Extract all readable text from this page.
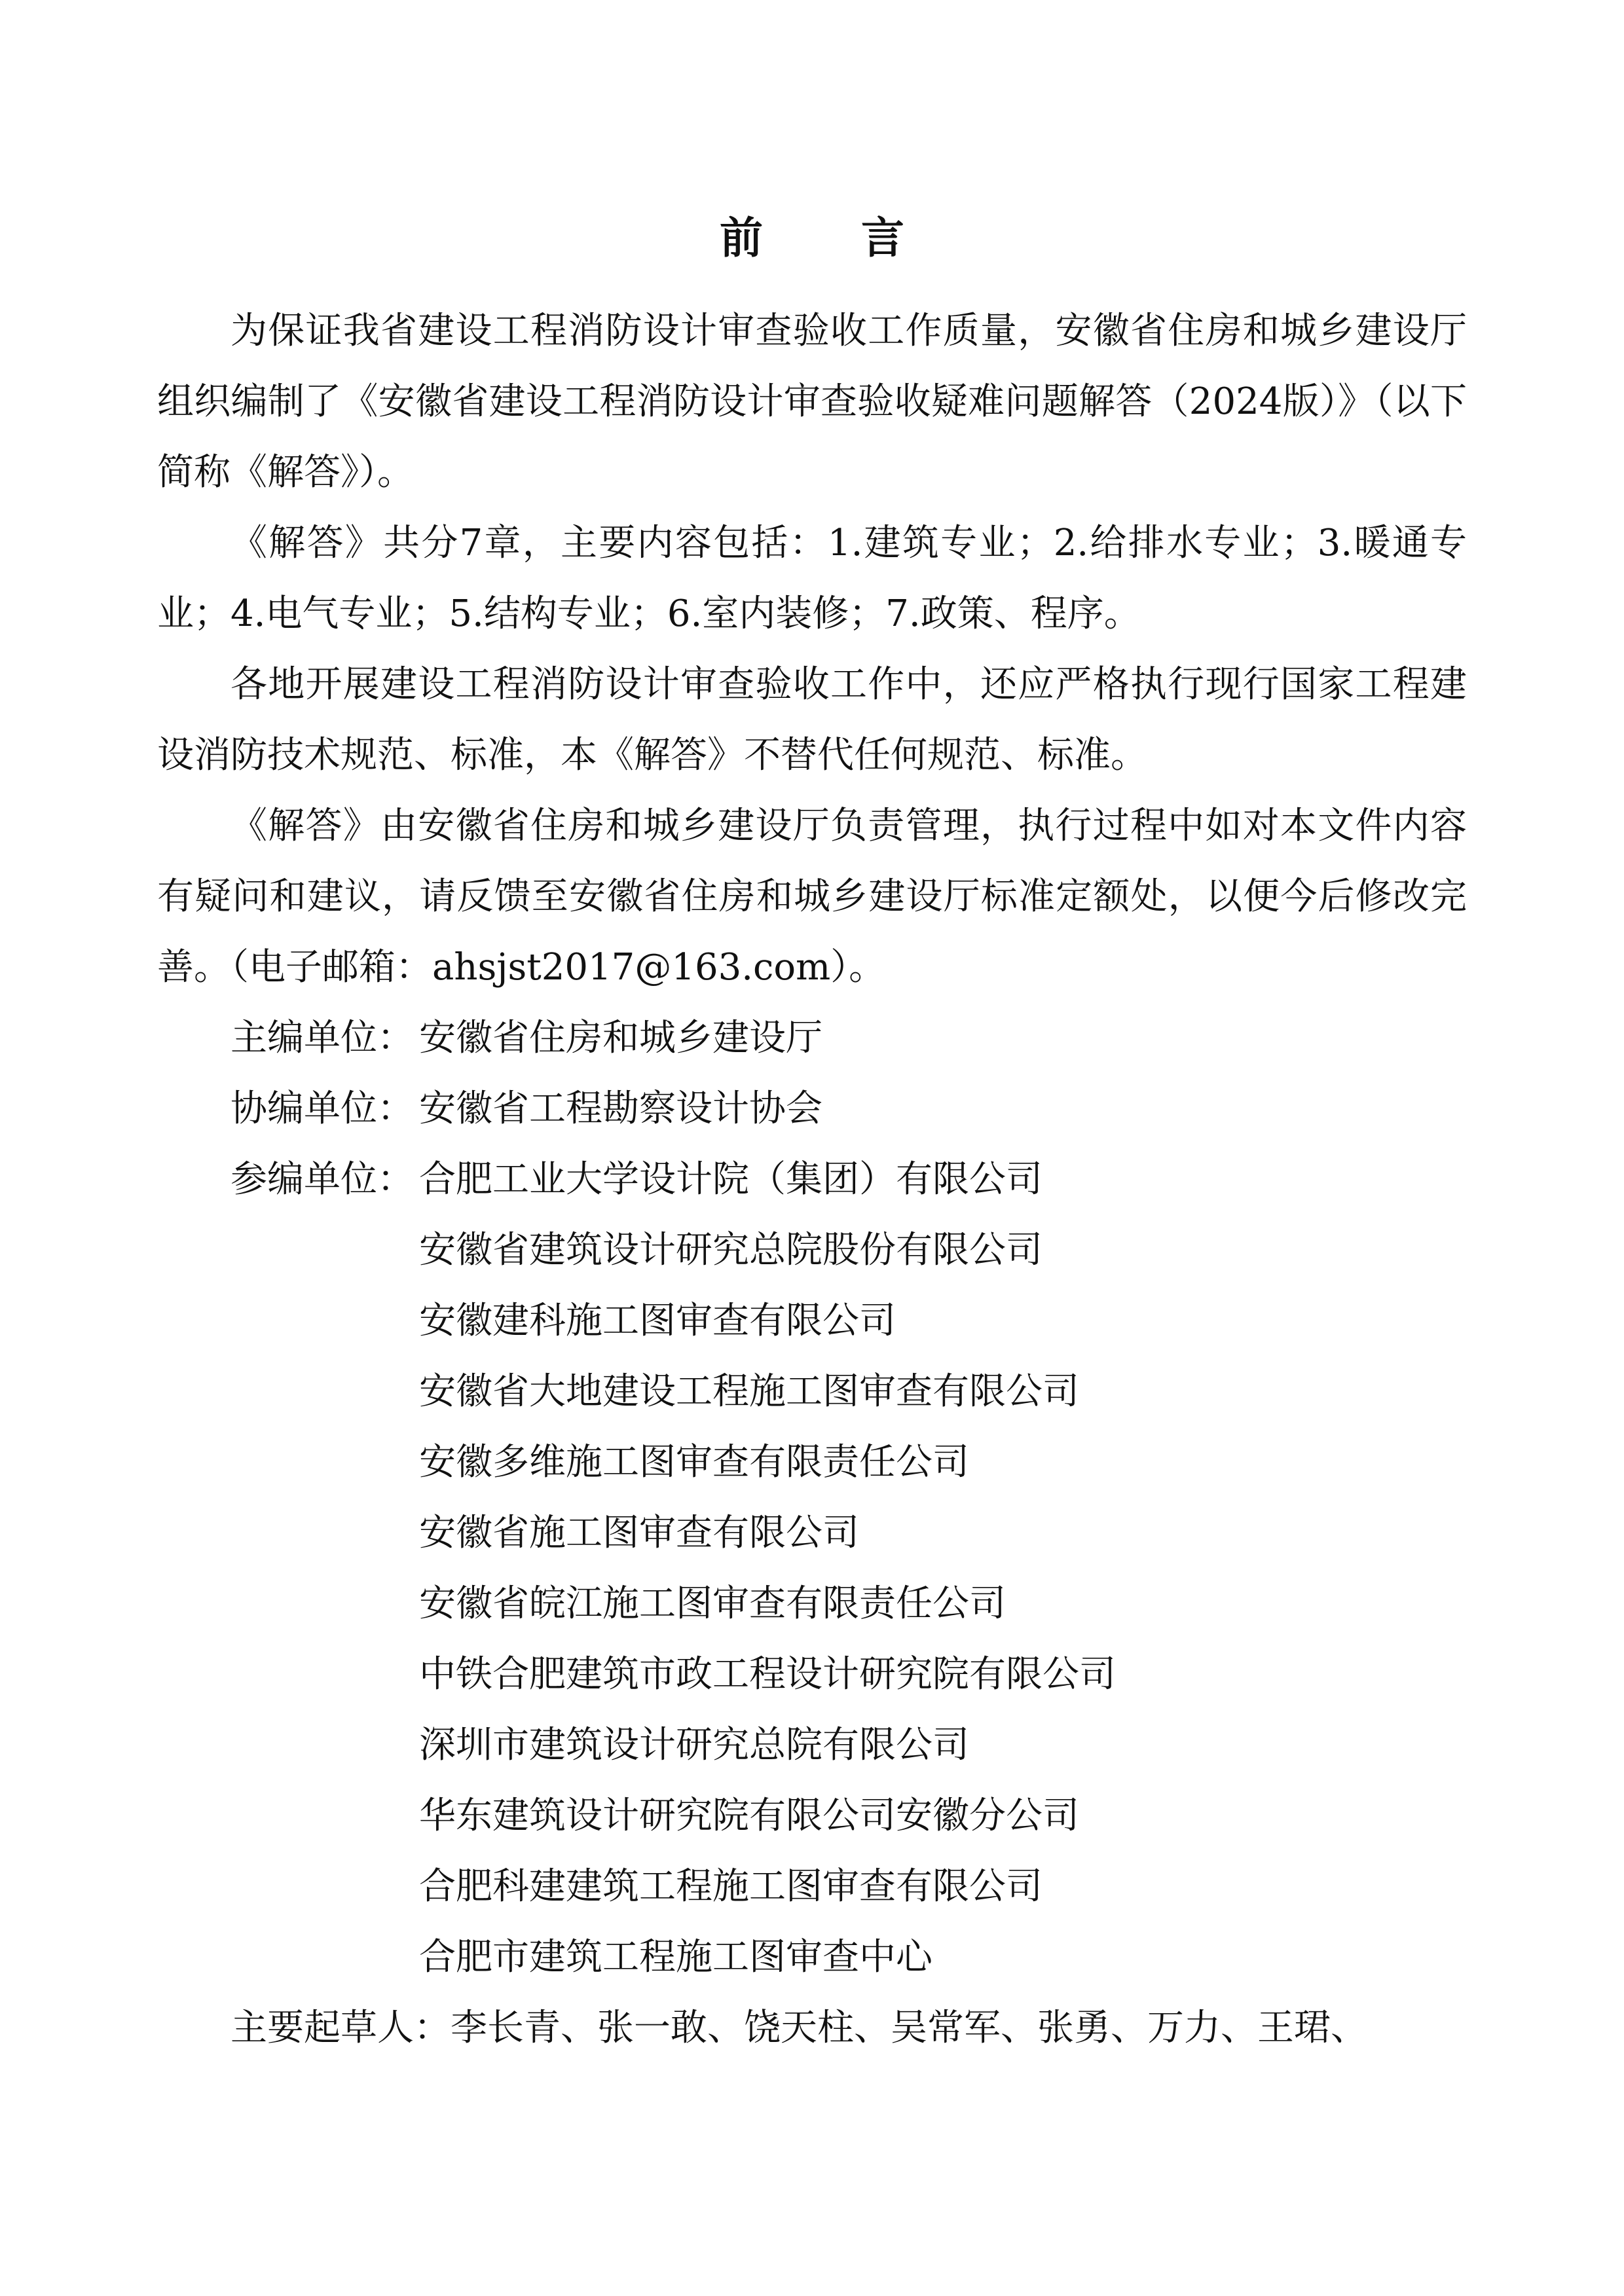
前 言

为保证我省建设工程消防设计审查验收工作质量，安徽省住房和城乡建设厅组织编制了《安徽省建设工程消防设计审查验收疑难问题解答（2024版）》（以下简称《解答》）。

《解答》共分7章，主要内容包括：1.建筑专业；2.给排水专业；3.暖通专业；4.电气专业；5.结构专业；6.室内装修；7.政策、程序。

各地开展建设工程消防设计审查验收工作中，还应严格执行现行国家工程建设消防技术规范、标准，本《解答》不替代任何规范、标准。

《解答》由安徽省住房和城乡建设厅负责管理，执行过程中如对本文件内容有疑问和建议，请反馈至安徽省住房和城乡建设厅标准定额处，以便今后修改完善。（电子邮箱：ahsjst2017@163.com）。

主编单位： 安徽省住房和城乡建设厅
协编单位： 安徽省工程勘察设计协会
参编单位： 合肥工业大学设计院（集团）有限公司

安徽省建筑设计研究总院股份有限公司

安徽建科施工图审查有限公司

安徽省大地建设工程施工图审查有限公司

安徽多维施工图审查有限责任公司

安徽省施工图审查有限公司

安徽省皖江施工图审查有限责任公司

中铁合肥建筑市政工程设计研究院有限公司

深圳市建筑设计研究总院有限公司

华东建筑设计研究院有限公司安徽分公司

合肥科建建筑工程施工图审查有限公司

合肥市建筑工程施工图审查中心

主要起草人： 李长青、张一敢、饶天柱、吴常军、张勇、万力、王珺、
